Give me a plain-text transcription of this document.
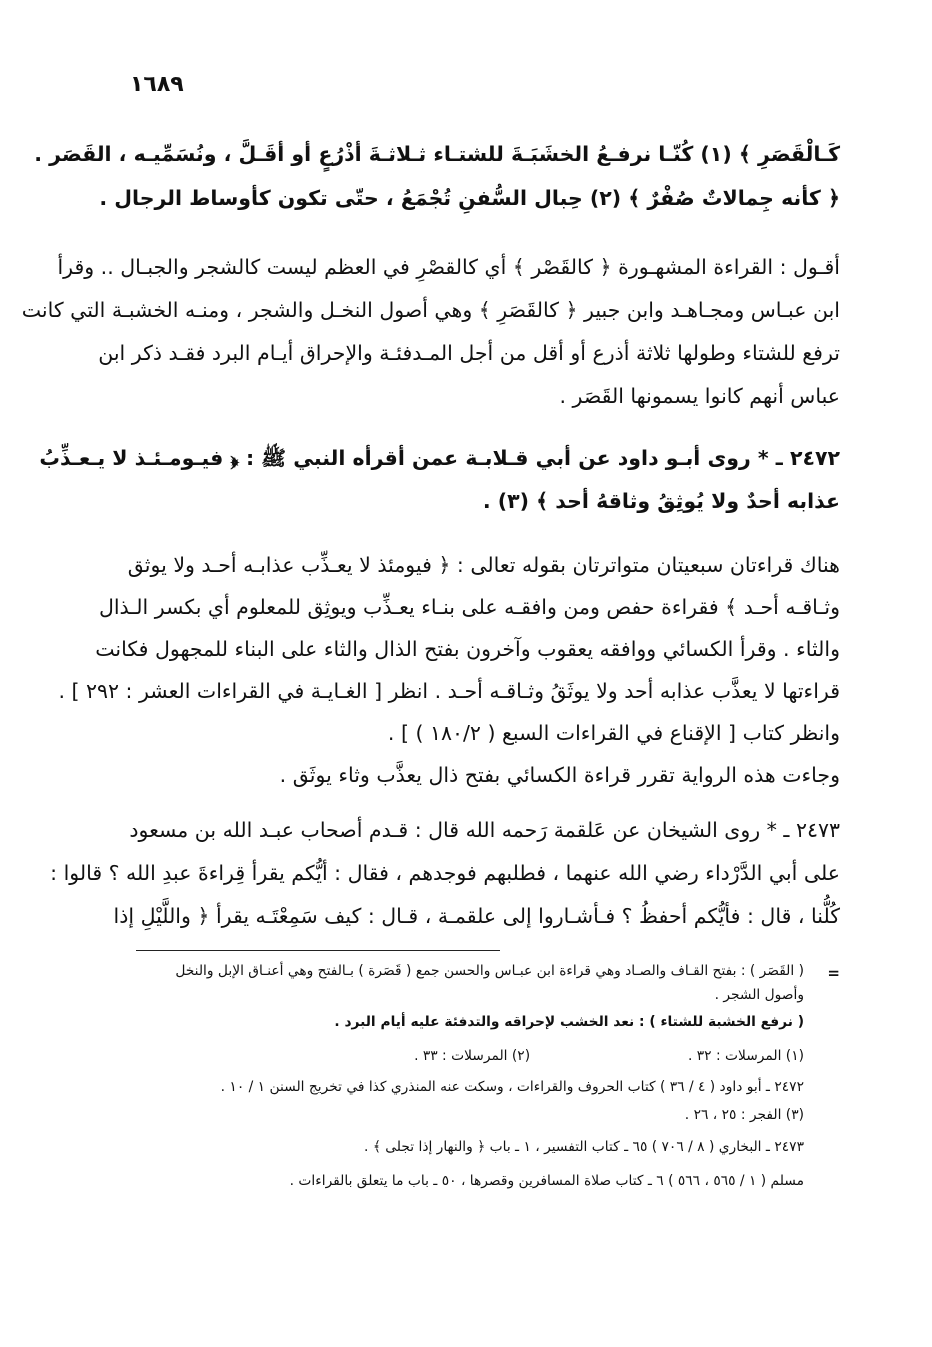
١٦٨٩
كَـالْقَصَرِ ﴾ (١) كُنّـا نرفـعُ الخشَبَـةَ للشتـاء ثـلاثـةَ أذْرُعٍ أو أقَـلَّ ، ونُسَمِّيـه ، القَصَر .
﴿ كأنه جِمالاتٌ صُفْرٌ ﴾ (٢) حِبال السُّفنِ تُجْمَعُ ، حتّى تكون كأوساط الرجال .
أقـول : القراءة المشهـورة ﴿ كالقَصْر ﴾ أي كالقصْرِ في العظم ليست كالشجر والجبـال .. وقرأ
ابن عبـاس ومجـاهـد وابن جبير ﴿ كالقَصَرِ ﴾ وهي أصول النخـل والشجر ، ومنـه الخشبـة التي كانت
ترفع للشتاء وطولها ثلاثة أذرع أو أقل من أجل المـدفئـة والإحراق أيـام البرد فقـد ذكر ابن
عباس أنهم كانوا يسمونها القَصَر .
٢٤٧٢ ـ * روى أبـو داود عن أبي قـلابـة عمن أقرأه النبي ﷺ : ﴿ فيـومـئـذ لا يـعـذِّبُ
عذابه أحدٌ ولا يُوثِقُ وثاقهُ أحد ﴾ (٣) .
هناك قراءتان سبعيتان متواترتان بقوله تعالى : ﴿ فيومئذ لا يعـذِّب عذابـه أحـد ولا يوثق
وثـاقـه أحـد ﴾ فقراءة حفص ومن وافقـه على بنـاء يعـذِّب ويوثِق للمعلوم أي بكسر الـذال
والثاء . وقرأ الكسائي ووافقه يعقوب وآخرون بفتح الذال والثاء على البناء للمجهول فكانت
قراءتها لا يعذَّب عذابه أحد ولا يوثَقُ وثـاقـه أحـد . انظر [ الغـايـة في القراءات العشر : ٢٩٢ ] .
وانظر كتاب [ الإقناع في القراءات السبع ( ١٨٠/٢ ) ] .
وجاءت هذه الرواية تقرر قراءة الكسائي بفتح ذال يعذَّب وثاء يوثَق .
٢٤٧٣ ـ * روى الشيخان عن عَلقمة رَحمه الله قال : قـدم أصحاب عبـد الله بن مسعود
على أبي الدَّرْداء رضي الله عنهما ، فطلبهم فوجدهم ، فقال : أيُّكم يقرأ قِراءةَ عبدِ الله ؟ قالوا :
كُلُّنا ، قال : فأيُّكم أحفظُ ؟ فـأشـاروا إلى علقمـة ، قـال : كيف سَمِعْتَـه يقرأ ﴿ واللَّيْلِ إذا
=
( القَصَر ) : بفتح القـاف والصـاد وهي قراءة ابن عبـاس والحسن جمع ( قَصَرة ) بـالفتح وهي أعنـاق الإبل والنخل
وأصول الشجر .
( نرفع الخشبة للشتاء ) : نعد الخشب لإحراقه والتدفئة عليه أيام البرد .
(١) المرسلات : ٣٢ .                                    (٢) المرسلات : ٣٣ .
٢٤٧٢ ـ أبو داود ( ٤ / ٣٦ ) كتاب الحروف والقراءات ، وسكت عنه المنذري كذا في تخريج السنن ١ / ١٠ .
(٣) الفجر : ٢٥ ، ٢٦ .
٢٤٧٣ ـ البخاري ( ٨ / ٧٠٦ ) ٦٥ ـ كتاب التفسير ، ١ ـ باب ﴿ والنهار إذا تجلى ﴾ .
مسلم ( ١ / ٥٦٥ ، ٥٦٦ ) ٦ ـ كتاب صلاة المسافرين وقصرها ، ٥٠ ـ باب ما يتعلق بالقراءات .
